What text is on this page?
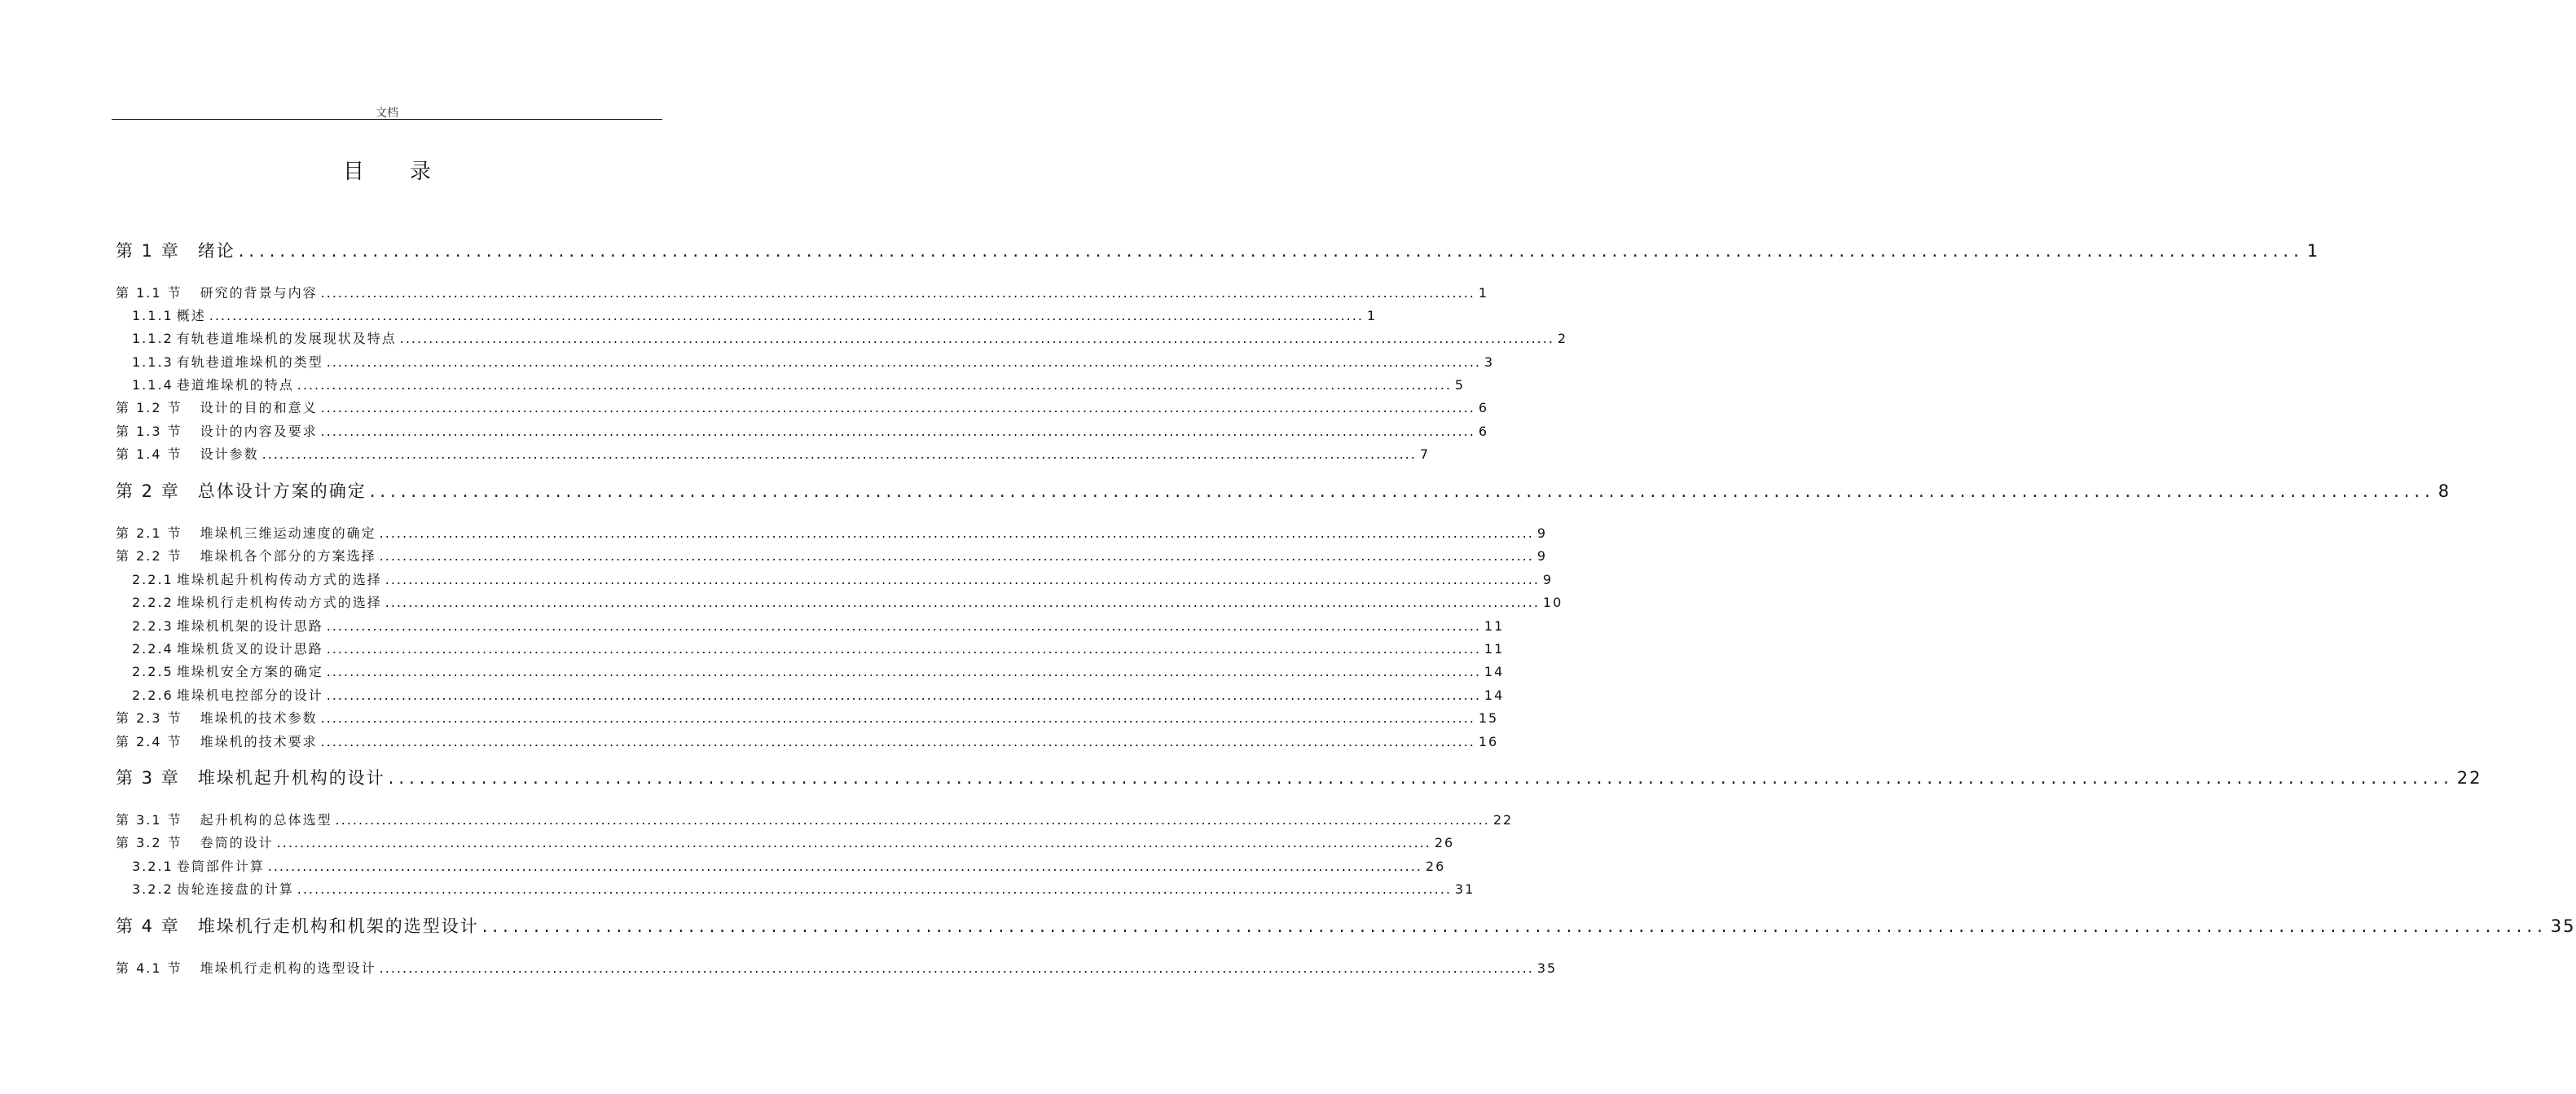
文档
目录
第 1 章 绪论 ........................................................................................................................................................................................................ 1
第 1.1 节 研究的背景与内容 ........................................................................................................................................................................................................ 1
1.1.1 概述 ........................................................................................................................................................................................................ 1
1.1.2 有轨巷道堆垛机的发展现状及特点 ........................................................................................................................................................................................................ 2
1.1.3 有轨巷道堆垛机的类型 ........................................................................................................................................................................................................ 3
1.1.4 巷道堆垛机的特点 ........................................................................................................................................................................................................ 5
第 1.2 节 设计的目的和意义 ........................................................................................................................................................................................................ 6
第 1.3 节 设计的内容及要求 ........................................................................................................................................................................................................ 6
第 1.4 节 设计参数 ........................................................................................................................................................................................................ 7
第 2 章 总体设计方案的确定 ........................................................................................................................................................................................................ 8
第 2.1 节 堆垛机三维运动速度的确定 ........................................................................................................................................................................................................ 9
第 2.2 节 堆垛机各个部分的方案选择 ........................................................................................................................................................................................................ 9
2.2.1 堆垛机起升机构传动方式的选择 ........................................................................................................................................................................................................ 9
2.2.2 堆垛机行走机构传动方式的选择 ........................................................................................................................................................................................................ 10
2.2.3 堆垛机机架的设计思路 ........................................................................................................................................................................................................ 11
2.2.4 堆垛机货叉的设计思路 ........................................................................................................................................................................................................ 11
2.2.5 堆垛机安全方案的确定 ........................................................................................................................................................................................................ 14
2.2.6 堆垛机电控部分的设计 ........................................................................................................................................................................................................ 14
第 2.3 节 堆垛机的技术参数 ........................................................................................................................................................................................................ 15
第 2.4 节 堆垛机的技术要求 ........................................................................................................................................................................................................ 16
第 3 章 堆垛机起升机构的设计 ........................................................................................................................................................................................................ 22
第 3.1 节 起升机构的总体选型 ........................................................................................................................................................................................................ 22
第 3.2 节 卷筒的设计 ........................................................................................................................................................................................................ 26
3.2.1 卷筒部件计算 ........................................................................................................................................................................................................ 26
3.2.2 齿轮连接盘的计算 ........................................................................................................................................................................................................ 31
第 4 章 堆垛机行走机构和机架的选型设计 ........................................................................................................................................................................................................ 35
第 4.1 节 堆垛机行走机构的选型设计 ........................................................................................................................................................................................................ 35
